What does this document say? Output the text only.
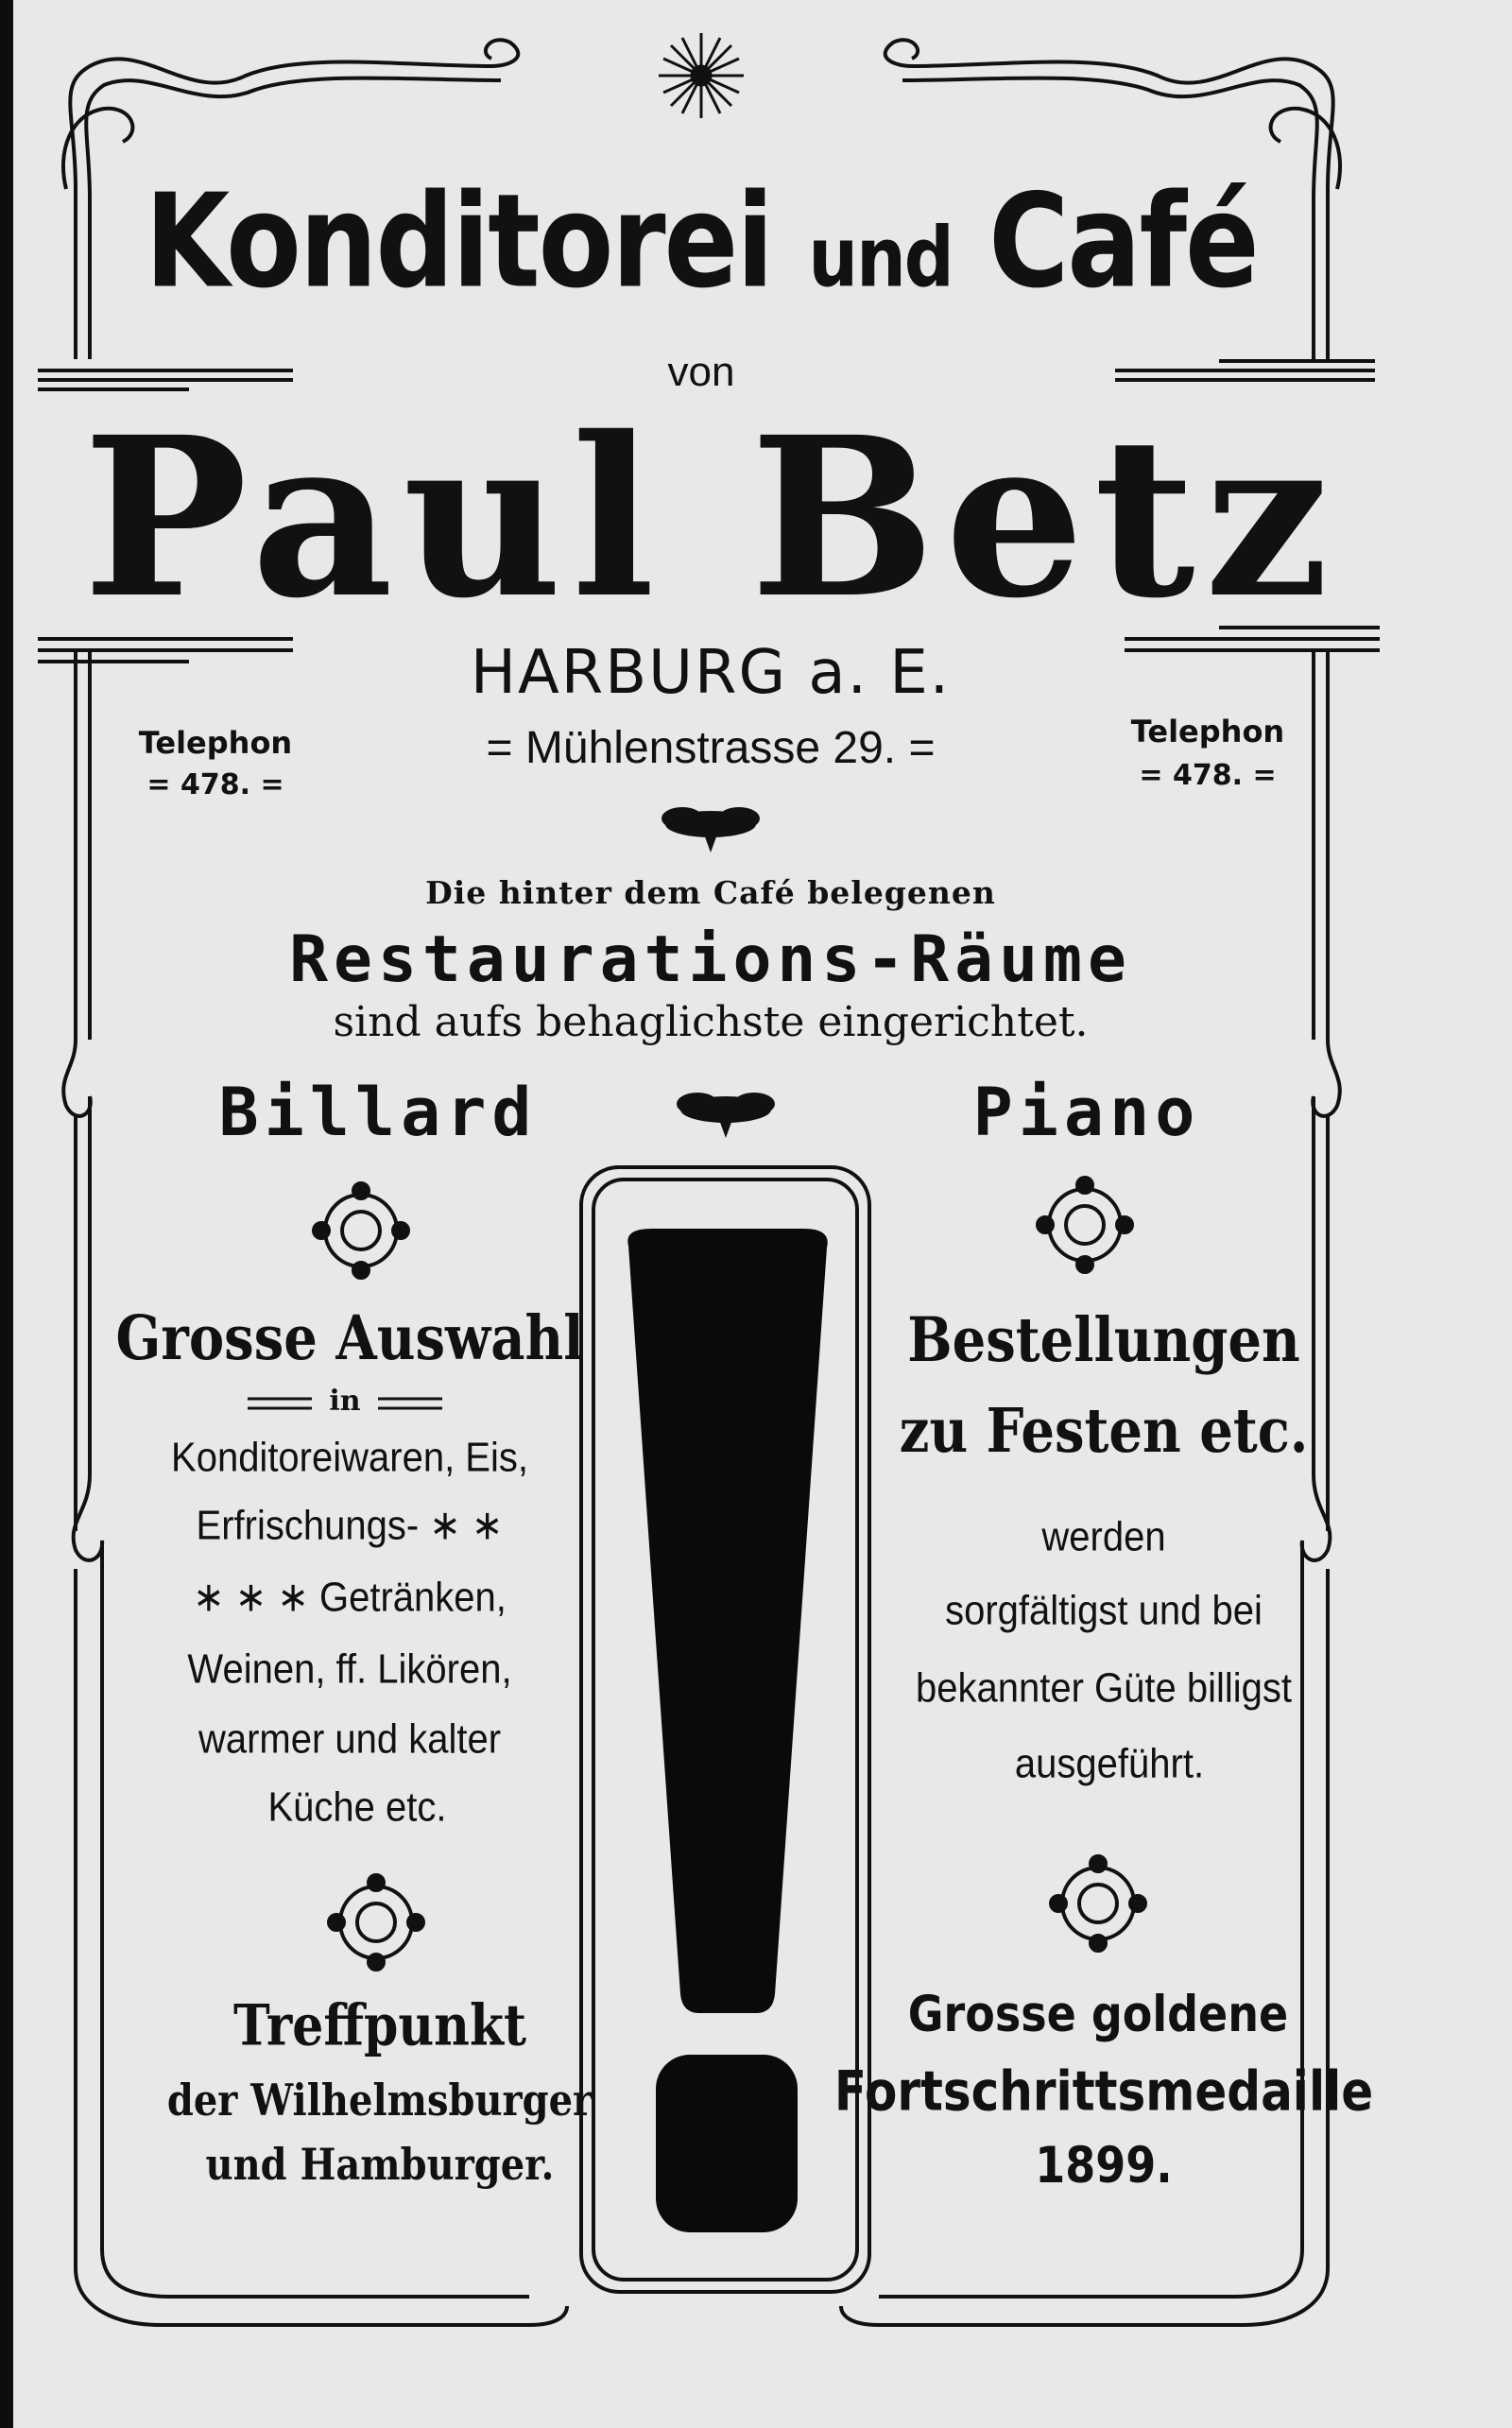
Konditorei und Café
von
Paul Betz
HARBURG a. E.
= Mühlenstrasse 29. =
Telephon
= 478. =
Telephon
= 478. =
Die hinter dem Café belegenen
Restaurations-Räume
sind aufs behaglichste eingerichtet.
Billard	Piano
Grosse Auswahl
in
Konditoreiwaren, Eis,
Erfrischungs- ∗ ∗
∗ ∗ ∗ Getränken,
Weinen, ff. Likören,
warmer und kalter
Küche etc.
Treffpunkt
der Wilhelmsburger
und Hamburger.
Bestellungen
zu Festen etc.
werden
sorgfältigst und bei
bekannter Güte billigst
ausgeführt.
Grosse goldene
Fortschrittsmedaille
1899.
